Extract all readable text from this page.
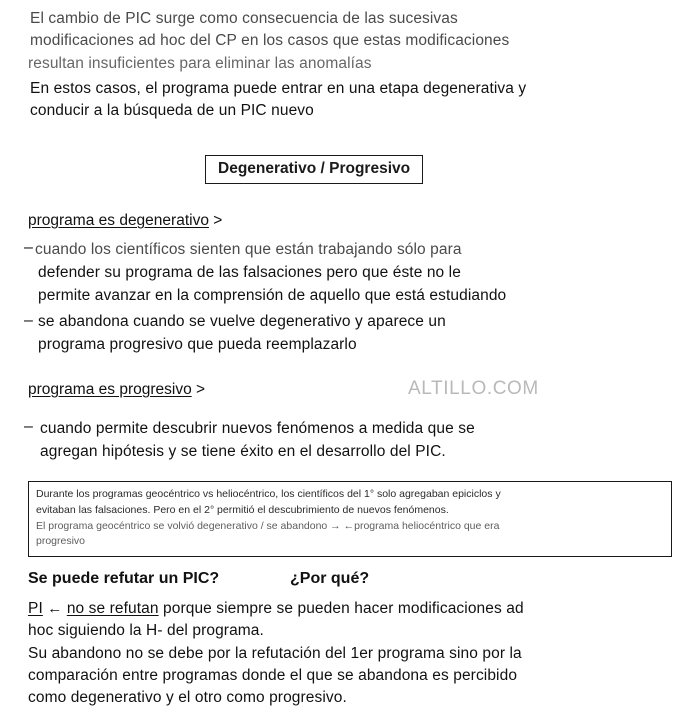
El cambio de PIC surge como consecuencia de las sucesivas
modificaciones ad hoc del CP en los casos que estas modificaciones
resultan insuficientes para eliminar las anomalías
En estos casos, el programa puede entrar en una etapa degenerativa y
conducir a la búsqueda de un PIC nuevo
Degenerativo / Progresivo
programa es degenerativo >
– cuando los científicos sienten que están trabajando sólo para
defender su programa de las falsaciones pero que éste no le
permite avanzar en la comprensión de aquello que está estudiando
– se abandona cuando se vuelve degenerativo y aparece un
programa progresivo que pueda reemplazarlo
programa es progresivo >	ALTILLO.COM
– cuando permite descubrir nuevos fenómenos a medida que se
agregan hipótesis y se tiene éxito en el desarrollo del PIC.
Durante los programas geocéntrico vs heliocéntrico, los científicos del 1° solo agregaban epiciclos y
evitaban las falsaciones. Pero en el 2° permitió el descubrimiento de nuevos fenómenos.
El programa geocéntrico se volvió degenerativo / se abandono → ←programa heliocéntrico que era
progresivo
Se puede refutar un PIC?	¿Por qué?
PI ← no se refutan porque siempre se pueden hacer modificaciones ad
hoc siguiendo la H- del programa.
Su abandono no se debe por la refutación del 1er programa sino por la
comparación entre programas donde el que se abandona es percibido
como degenerativo y el otro como progresivo.
